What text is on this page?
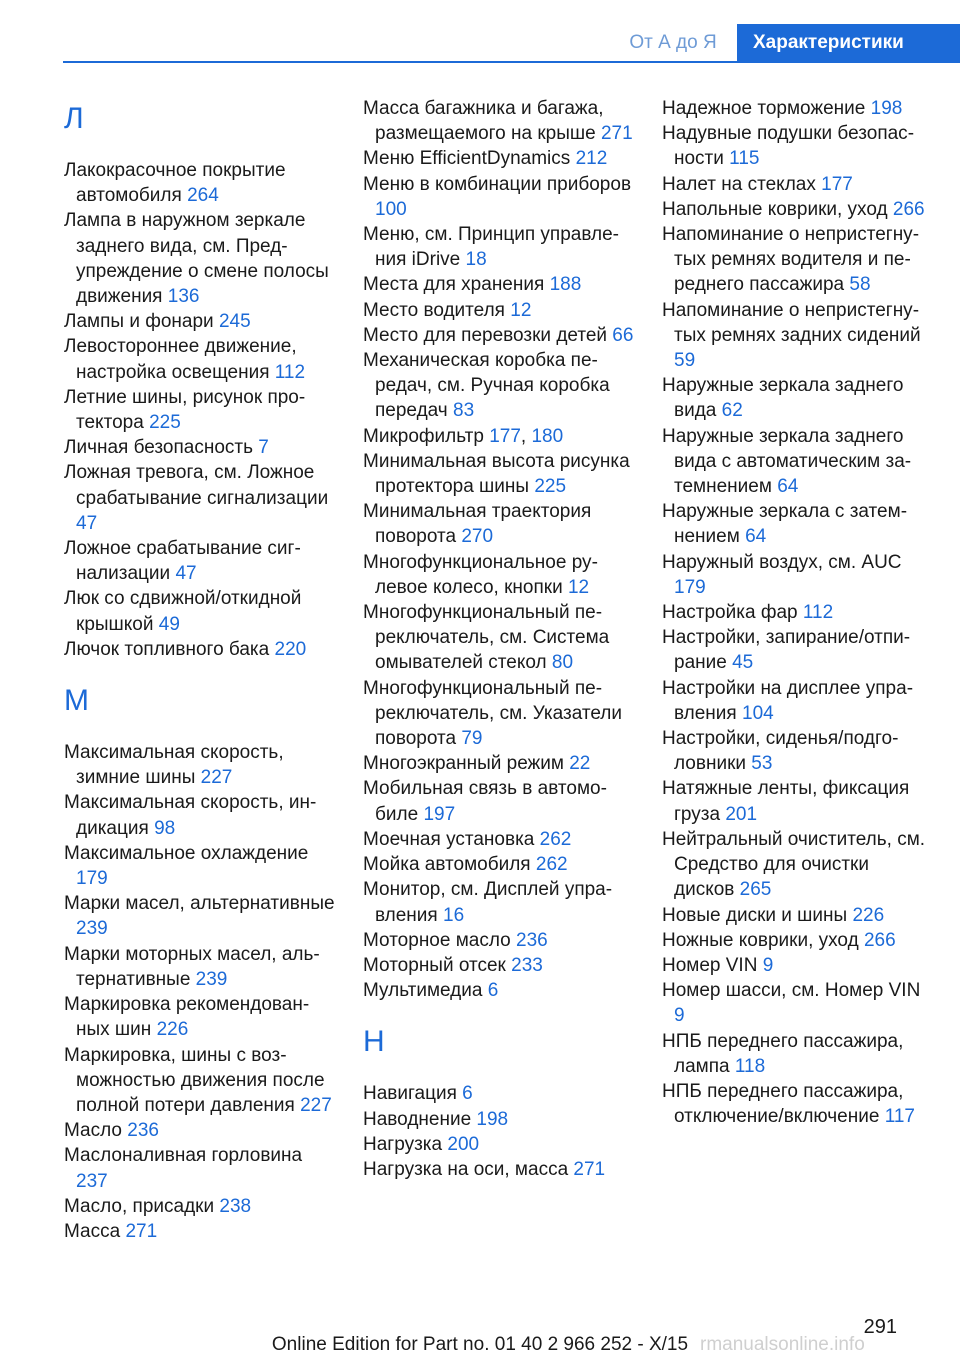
От А до Я	Характеристики
Л

Лакокрасочное покрытие автомобиля 264

Лампа в наружном зеркале заднего вида, см. Предупреждение о смене полосы движения 136

Лампы и фонари 245

Левостороннее движение, настройка освещения 112

Летние шины, рисунок протектора 225

Личная безопасность 7

Ложная тревога, см. Ложное срабатывание сигнализации 47

Ложное срабатывание сигнализации 47

Люк со сдвижной/откидной крышкой 49

Лючок топливного бака 220

М

Максимальная скорость, зимние шины 227

Максимальная скорость, индикация 98

Максимальное охлаждение 179

Марки масел, альтернативные 239

Марки моторных масел, альтернативные 239

Маркировка рекомендованных шин 226

Маркировка, шины с возможностью движения после полной потери давления 227

Масло 236

Маслоналивная горловина 237

Масло, присадки 238

Масса 271

Масса багажника и багажа, размещаемого на крыше 271

Меню EfficientDynamics 212

Меню в комбинации приборов 100

Меню, см. Принцип управления iDrive 18

Места для хранения 188

Место водителя 12

Место для перевозки детей 66

Механическая коробка передач, см. Ручная коробка передач 83

Микрофильтр 177, 180

Минимальная высота рисунка протектора шины 225

Минимальная траектория поворота 270

Многофункциональное рулевое колесо, кнопки 12

Многофункциональный переключатель, см. Система омывателей стекол 80

Многофункциональный переключатель, см. Указатели поворота 79

Многоэкранный режим 22

Мобильная связь в автомобиле 197

Моечная установка 262

Мойка автомобиля 262

Монитор, см. Дисплей управления 16

Моторное масло 236

Моторный отсек 233

Мультимедиа 6

Н

Навигация 6

Наводнение 198

Нагрузка 200

Нагрузка на оси, масса 271

Надежное торможение 198

Надувные подушки безопасности 115

Налет на стеклах 177

Напольные коврики, уход 266

Напоминание о непристегнутых ремнях водителя и переднего пассажира 58

Напоминание о непристегнутых ремнях задних сидений 59

Наружные зеркала заднего вида 62

Наружные зеркала заднего вида с автоматическим затемнением 64

Наружные зеркала с затемнением 64

Наружный воздух, см. AUC 179

Настройка фар 112

Настройки, запирание/отпирание 45

Настройки на дисплее управления 104

Настройки, сиденья/подголовники 53

Натяжные ленты, фиксация груза 201

Нейтральный очиститель, см. Средство для очистки дисков 265

Новые диски и шины 226

Ножные коврики, уход 266

Номер VIN 9

Номер шасси, см. Номер VIN 9

НПБ переднего пассажира, лампа 118

НПБ переднего пассажира, отключение/включение 117

291
Online Edition for Part no. 01 40 2 966 252 - X/15 rmanualsonline.info
